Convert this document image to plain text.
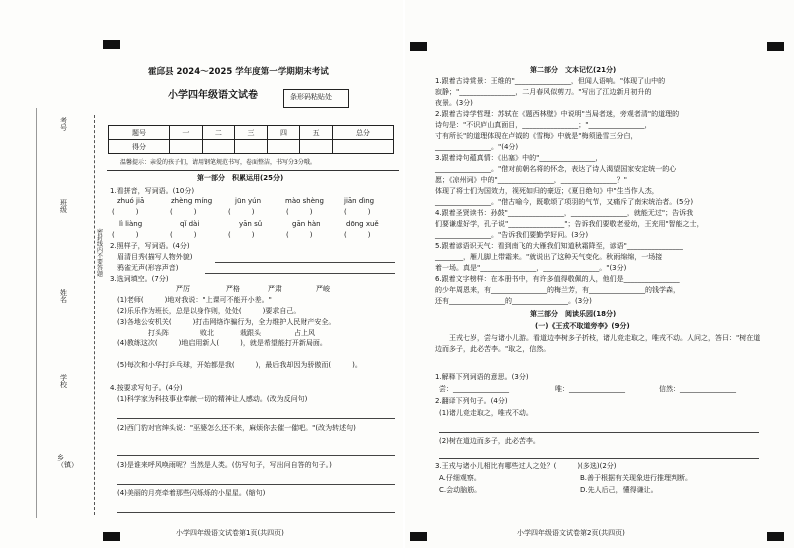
考号
班级
姓名
学校
乡（镇）
密封线内不要答题
霍邱县 2024～2025 学年度第一学期期末考试
小学四年级语文试卷	条形码粘贴处
题号	一	二	三	四	五	总分
得分						
温馨提示：亲爱的孩子们，请用钢笔规范书写，卷面整洁，书写分3分哦。
第一部分　积累运用(25分)
1.看拼音，写词语。(10分)
zhuó jiā	zhèng míng	jūn yún	mào shèng	jiān dìng
(　　　)	(　　　)	(　　　)	(　　　)	(　　　)
lì liàng	qǐ dài	yān sǔ	gān hàn	dōng xuě
(　　　)	(　　　)	(　　　)	(　　　)	(　　　)
2.照样子，写词语。(4分)
眉清目秀(描写人物外貌)
鸦雀无声(形容声音)
3.选词填空。(7分)
严厉	严格	严肃	严峻
(1)老师(　　　)地对我说："上课可不能开小差。"
(2)乐乐作为班长，总是以身作则，处处(　　　)要求自己。
(3)各地公安机关(　　　)打击网络诈骗行为，全力维护人民财产安全。
打头阵	败北	栽跟头	占上风
(4)教练这次(　　　)地启用新人(　　　)，就是希望能打开新局面。
(5)每次和小华打乒乓球，开始都是我(　　　)，最后我却因为骄傲而(　　　)。
4.按要求写句子。(4分)
(1)科学家为科技事业奉献一切的精神让人感动。(改为反问句)
(2)西门豹对官绅头说："巫婆怎么还不来，麻烦你去催一催吧。"(改为转述句)
(3)是谁来呼风唤雨呢？当然是人类。(仿写句子，写出问自答的句子。)
(4)美丽的月亮牵着那些闪烁烁的小星星。(缩句)
小学四年级语文试卷第1页(共四页)
第二部分　文本记忆(21分)
1.跟着古诗赏景：王维的"________________，但闻人语响。"体现了山中的
寂静；"________________，二月春风似剪刀。"写出了江边新月初升的
夜景。(3分)
2.跟着古诗学哲理：苏轼在《题西林壁》中说明"当局者迷，旁观者清"的道理的
诗句是："不识庐山真面目，________________；"________________，
寸有所长"的道理体现在卢钺的《雪梅》中就是"梅须逊雪三分白，
________________。"(4分)
3.跟着诗句蕴真情：《出塞》中的"________________，
________________。"借对前朝名将的怀念，表达了诗人渴望国家安定统一的心
愿；《凉州词》中的"________________，________________？"
体现了将士们为国效力，视死如归的豪迈；《夏日绝句》中"生当作人杰，
________________。"借古喻今，既歌颂了项羽的气节，又痛斥了南宋统治者。(5分)
4.跟着圣贤读书：孙鼓"________________，________________，就能无过"；告诉我
们要谦虚好学，孔子说"________________"；告诉我们要敬老爱幼，王充用"智能之士，
________________。"告诉我们要勤学好问。(3分)
5.跟着谚语识天气：看到南飞的大雁我们知道秋霜降至，谚语"________________
________，雁儿脚上带霜来。"就说出了这种天气变化。秋雨绵绵，一场接
着一场。真是"________________，________________。"(3分)
6.跟着文字榜样：在本册书中，有许多值得敬佩的人，他们是________________
的少年周恩来，有________________的梅兰芳，有________________的钱学森，
还有________________的________________。(3分)
第三部分　阅读乐园(18分)
(一)《王戎不取道旁李》(9分)
王戎七岁，尝与诸小儿游。看道边李树多子折枝，诸儿竞走取之，唯戎不动。人问之，答曰："树在道边而多子，此必苦李。"取之，信然。
1.解释下列词语的意思。(3分)
尝：________________	唯：________________	信然：________________
2.翻译下列句子。(4分)
(1)诸儿竞走取之，唯戎不动。
(2)树在道边而多子，此必苦李。
3.王戎与诸小儿相比有哪些过人之处？(　　　)(多选)(2分)
A.仔细观察。	B.善于根据有关现象进行推理判断。
C.会动脑筋。	D.先人后己，懂得谦让。
小学四年级语文试卷第2页(共四页)
